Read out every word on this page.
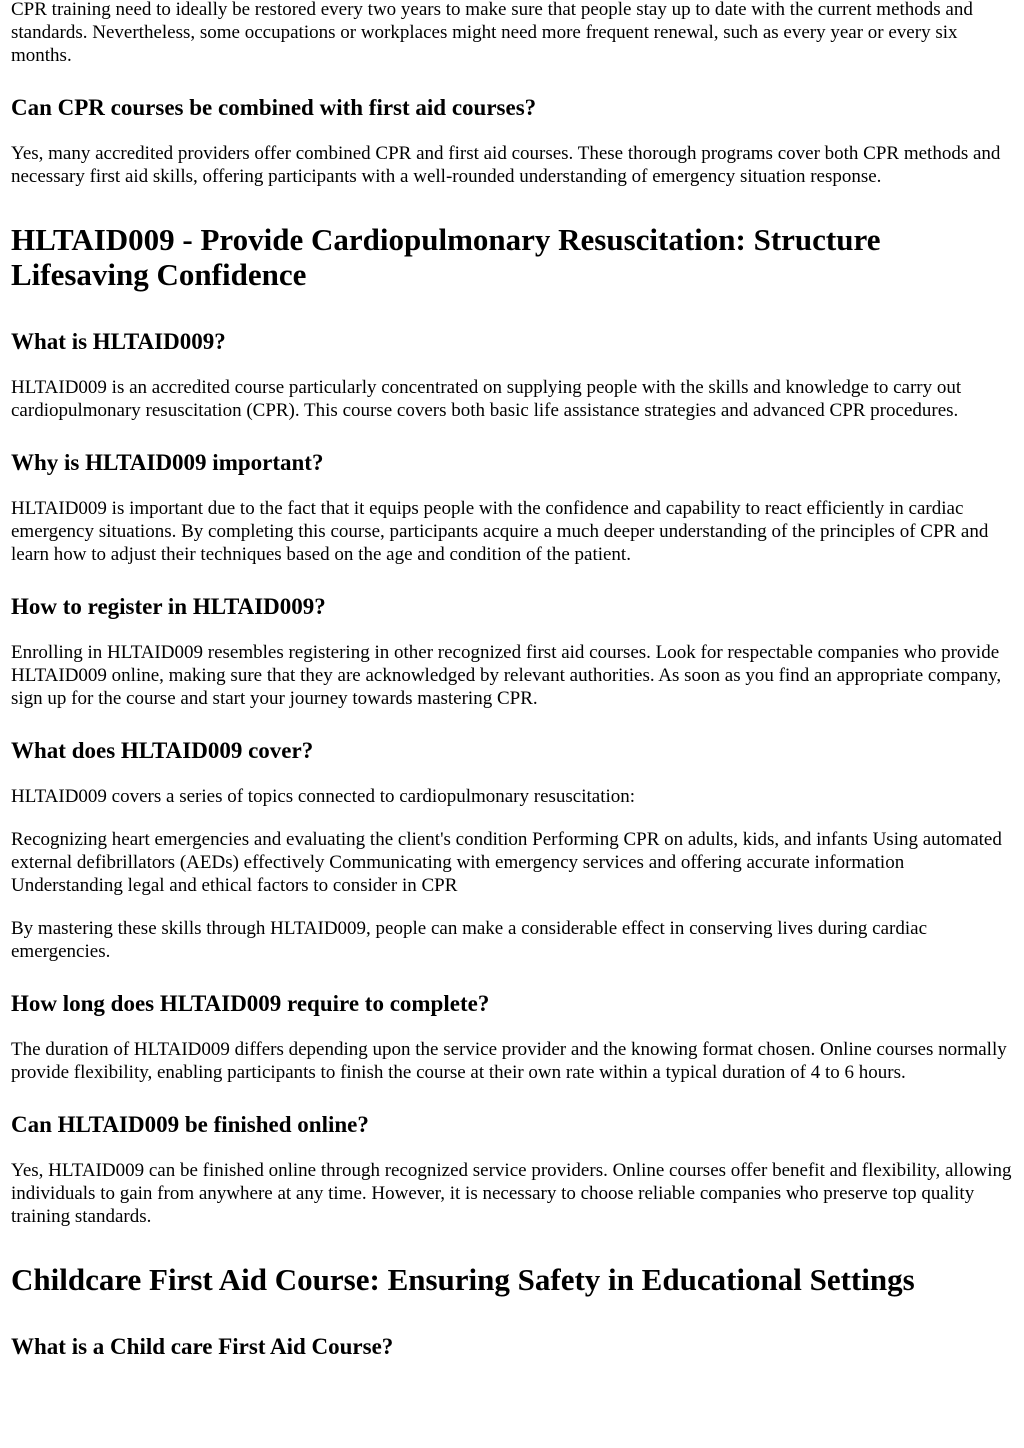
CPR training need to ideally be restored every two years to make sure that people stay up to date with the current methods and standards. Nevertheless, some occupations or workplaces might need more frequent renewal, such as every year or every six months.

Can CPR courses be combined with first aid courses?

Yes, many accredited providers offer combined CPR and first aid courses. These thorough programs cover both CPR methods and necessary first aid skills, offering participants with a well-rounded understanding of emergency situation response.

HLTAID009 - Provide Cardiopulmonary Resuscitation: Structure Lifesaving Confidence
What is HLTAID009?

HLTAID009 is an accredited course particularly concentrated on supplying people with the skills and knowledge to carry out cardiopulmonary resuscitation (CPR). This course covers both basic life assistance strategies and advanced CPR procedures.

Why is HLTAID009 important?

HLTAID009 is important due to the fact that it equips people with the confidence and capability to react efficiently in cardiac emergency situations. By completing this course, participants acquire a much deeper understanding of the principles of CPR and learn how to adjust their techniques based on the age and condition of the patient.

How to register in HLTAID009?

Enrolling in HLTAID009 resembles registering in other recognized first aid courses. Look for respectable companies who provide HLTAID009 online, making sure that they are acknowledged by relevant authorities. As soon as you find an appropriate company, sign up for the course and start your journey towards mastering CPR.

What does HLTAID009 cover?

HLTAID009 covers a series of topics connected to cardiopulmonary resuscitation:

Recognizing heart emergencies and evaluating the client's condition Performing CPR on adults, kids, and infants Using automated external defibrillators (AEDs) effectively Communicating with emergency services and offering accurate information Understanding legal and ethical factors to consider in CPR

By mastering these skills through HLTAID009, people can make a considerable effect in conserving lives during cardiac emergencies.

How long does HLTAID009 require to complete?

The duration of HLTAID009 differs depending upon the service provider and the knowing format chosen. Online courses normally provide flexibility, enabling participants to finish the course at their own rate within a typical duration of 4 to 6 hours.

Can HLTAID009 be finished online?

Yes, HLTAID009 can be finished online through recognized service providers. Online courses offer benefit and flexibility, allowing individuals to gain from anywhere at any time. However, it is necessary to choose reliable companies who preserve top quality training standards.

Childcare First Aid Course: Ensuring Safety in Educational Settings
What is a Child care First Aid Course?
